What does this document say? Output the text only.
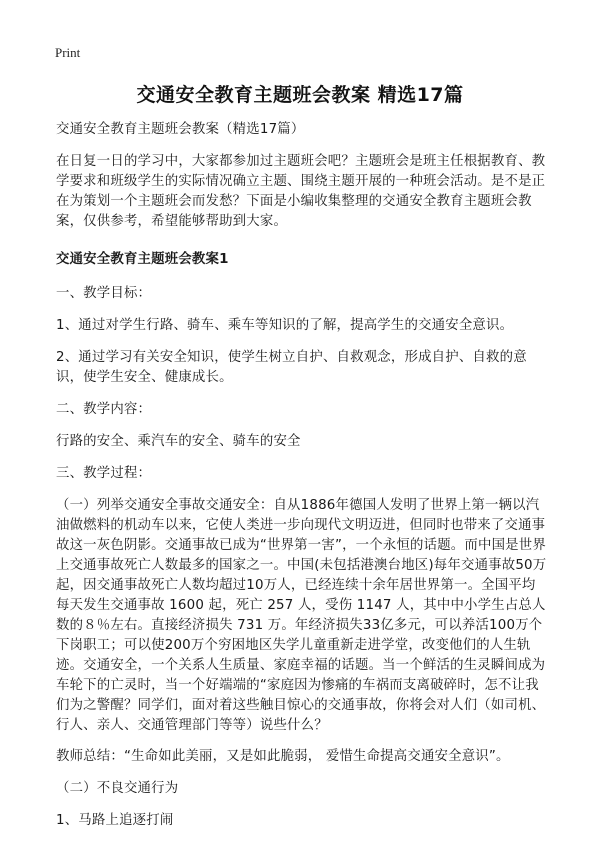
Print
交通安全教育主题班会教案 精选17篇

交通安全教育主题班会教案（精选17篇）

在日复一日的学习中，大家都参加过主题班会吧？主题班会是班主任根据教育、教学要求和班级学生的实际情况确立主题、围绕主题开展的一种班会活动。是不是正在为策划一个主题班会而发愁？下面是小编收集整理的交通安全教育主题班会教案，仅供参考，希望能够帮助到大家。

交通安全教育主题班会教案1

一、教学目标：

1、通过对学生行路、骑车、乘车等知识的了解，提高学生的交通安全意识。

2、通过学习有关安全知识，使学生树立自护、自救观念，形成自护、自救的意识，使学生安全、健康成长。

二、教学内容：

行路的安全、乘汽车的安全、骑车的安全

三、教学过程：

（一）列举交通安全事故交通安全：自从1886年德国人发明了世界上第一辆以汽油做燃料的机动车以来，它使人类进一步向现代文明迈进，但同时也带来了交通事故这一灰色阴影。交通事故已成为“世界第一害”，一个永恒的话题。而中国是世界上交通事故死亡人数最多的国家之一。中国(未包括港澳台地区)每年交通事故50万起，因交通事故死亡人数均超过10万人，已经连续十余年居世界第一。全国平均每天发生交通事故 1600 起，死亡 257 人，受伤 1147 人，其中中小学生占总人数的８％左右。直接经济损失 731 万。年经济损失33亿多元，可以养活100万个下岗职工；可以使200万个穷困地区失学儿童重新走进学堂，改变他们的人生轨迹。交通安全，一个关系人生质量、家庭幸福的话题。当一个鲜活的生灵瞬间成为车轮下的亡灵时，当一个好端端的“家庭因为惨痛的车祸而支离破碎时，怎不让我们为之警醒？同学们，面对着这些触目惊心的交通事故，你将会对人们（如司机、行人、亲人、交通管理部门等等）说些什么？

教师总结：“生命如此美丽，又是如此脆弱， 爱惜生命提高交通安全意识”。

（二）不良交通行为

1、马路上追逐打闹
